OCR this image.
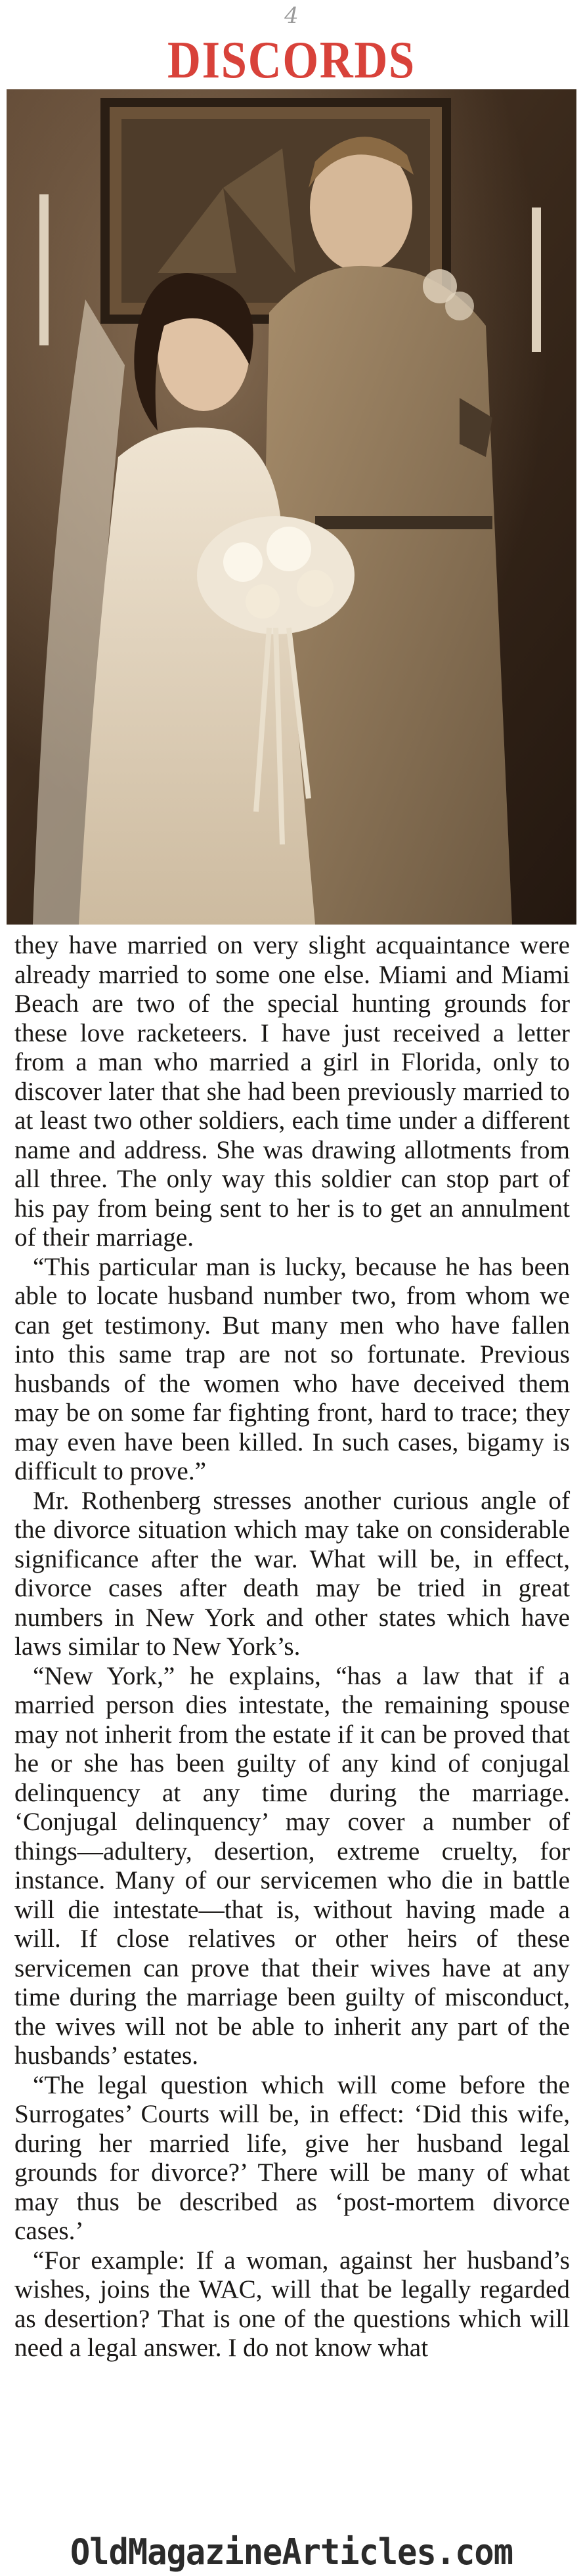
4
DISCORDS

they have married on very slight acquaintance were already married to some one else. Miami and Miami Beach are two of the special hunting grounds for these love racketeers. I have just received a letter from a man who married a girl in Florida, only to discover later that she had been previously married to at least two other soldiers, each time under a different name and address. She was drawing allotments from all three. The only way this soldier can stop part of his pay from being sent to her is to get an annulment of their marriage.

“This particular man is lucky, because he has been able to locate husband number two, from whom we can get testimony. But many men who have fallen into this same trap are not so fortunate. Previous husbands of the women who have deceived them may be on some far fighting front, hard to trace; they may even have been killed. In such cases, bigamy is difficult to prove.”

Mr. Rothenberg stresses another curious angle of the divorce situation which may take on considerable significance after the war. What will be, in effect, divorce cases after death may be tried in great numbers in New York and other states which have laws similar to New York’s.

“New York,” he explains, “has a law that if a married person dies intestate, the remaining spouse may not inherit from the estate if it can be proved that he or she has been guilty of any kind of conjugal delinquency at any time during the marriage. ‘Conjugal delinquency’ may cover a number of things—adultery, desertion, extreme cruelty, for instance. Many of our servicemen who die in battle will die intestate—that is, without having made a will. If close relatives or other heirs of these servicemen can prove that their wives have at any time during the marriage been guilty of misconduct, the wives will not be able to inherit any part of the husbands’ estates.

“The legal question which will come before the Surrogates’ Courts will be, in effect: ‘Did this wife, during her married life, give her husband legal grounds for divorce?’ There will be many of what may thus be described as ‘post-mortem divorce cases.’

“For example: If a woman, against her husband’s wishes, joins the WAC, will that be legally regarded as desertion? That is one of the questions which will need a legal answer. I do not know what

OldMagazineArticles.com
